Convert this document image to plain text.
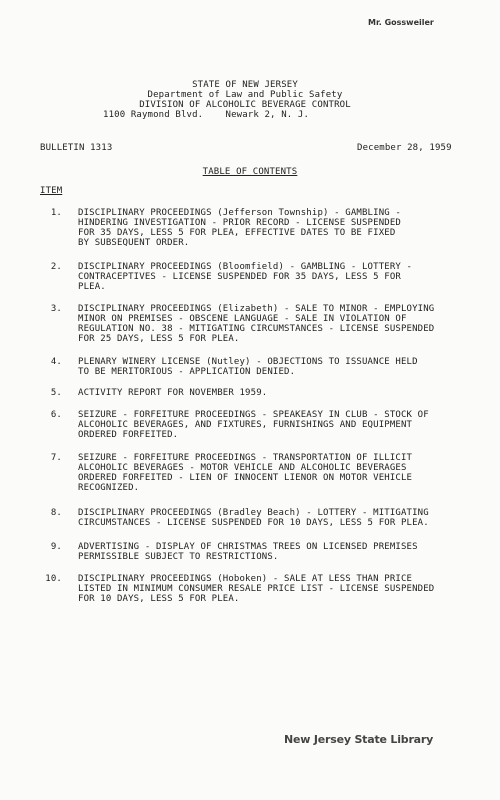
Mr. Gossweiler
STATE OF NEW JERSEY
Department of Law and Public Safety
DIVISION OF ALCOHOLIC BEVERAGE CONTROL
1100 Raymond Blvd.    Newark 2, N. J.
BULLETIN 1313	December 28, 1959
TABLE OF CONTENTS
ITEM
1. DISCIPLINARY PROCEEDINGS (Jefferson Township) - GAMBLING -
HINDERING INVESTIGATION - PRIOR RECORD - LICENSE SUSPENDED
FOR 35 DAYS, LESS 5 FOR PLEA, EFFECTIVE DATES TO BE FIXED
BY SUBSEQUENT ORDER.
2. DISCIPLINARY PROCEEDINGS (Bloomfield) - GAMBLING - LOTTERY -
CONTRACEPTIVES - LICENSE SUSPENDED FOR 35 DAYS, LESS 5 FOR
PLEA.
3. DISCIPLINARY PROCEEDINGS (Elizabeth) - SALE TO MINOR - EMPLOYING
MINOR ON PREMISES - OBSCENE LANGUAGE - SALE IN VIOLATION OF
REGULATION NO. 38 - MITIGATING CIRCUMSTANCES - LICENSE SUSPENDED
FOR 25 DAYS, LESS 5 FOR PLEA.
4. PLENARY WINERY LICENSE (Nutley) - OBJECTIONS TO ISSUANCE HELD
TO BE MERITORIOUS - APPLICATION DENIED.
5. ACTIVITY REPORT FOR NOVEMBER 1959.
6. SEIZURE - FORFEITURE PROCEEDINGS - SPEAKEASY IN CLUB - STOCK OF
ALCOHOLIC BEVERAGES, AND FIXTURES, FURNISHINGS AND EQUIPMENT
ORDERED FORFEITED.
7. SEIZURE - FORFEITURE PROCEEDINGS - TRANSPORTATION OF ILLICIT
ALCOHOLIC BEVERAGES - MOTOR VEHICLE AND ALCOHOLIC BEVERAGES
ORDERED FORFEITED - LIEN OF INNOCENT LIENOR ON MOTOR VEHICLE
RECOGNIZED.
8. DISCIPLINARY PROCEEDINGS (Bradley Beach) - LOTTERY - MITIGATING
CIRCUMSTANCES - LICENSE SUSPENDED FOR 10 DAYS, LESS 5 FOR PLEA.
9. ADVERTISING - DISPLAY OF CHRISTMAS TREES ON LICENSED PREMISES
PERMISSIBLE SUBJECT TO RESTRICTIONS.
10. DISCIPLINARY PROCEEDINGS (Hoboken) - SALE AT LESS THAN PRICE
LISTED IN MINIMUM CONSUMER RESALE PRICE LIST - LICENSE SUSPENDED
FOR 10 DAYS, LESS 5 FOR PLEA.
New Jersey State Library
